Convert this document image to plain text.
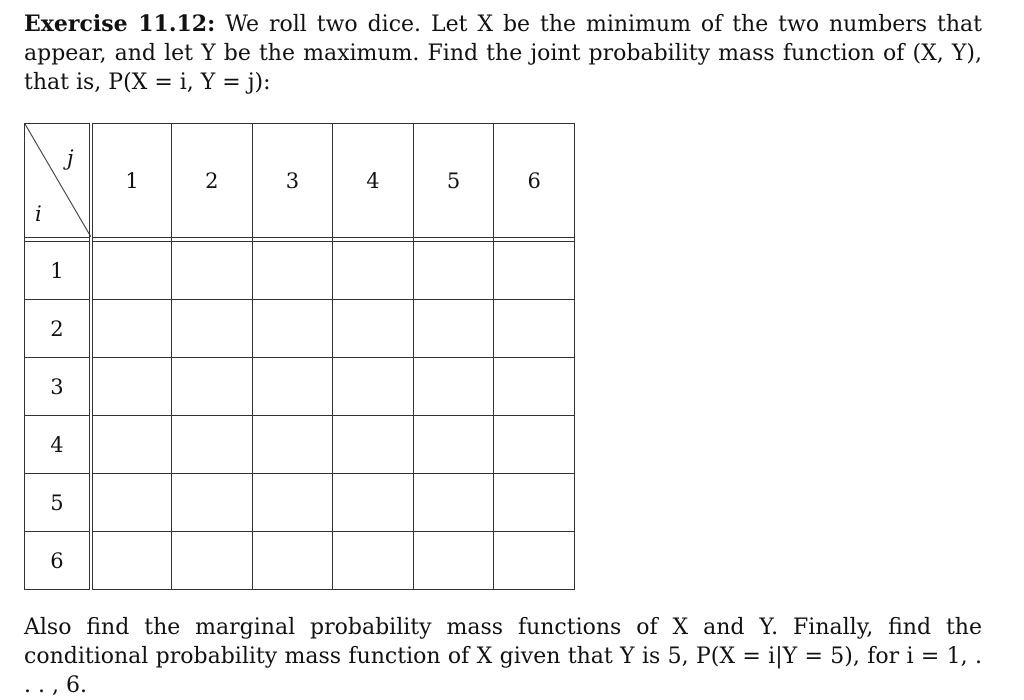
Exercise 11.12: We roll two dice. Let X be the minimum of the two numbers that appear, and let Y be the maximum. Find the joint probability mass function of (X, Y), that is, P(X = i, Y = j):
j
i	1	2	3	4	5	6

1						
2						
3						
4						
5						
6						
Also find the marginal probability mass functions of X and Y. Finally, find the conditional probability mass function of X given that Y is 5, P(X = i|Y = 5), for i = 1, . . . , 6.
